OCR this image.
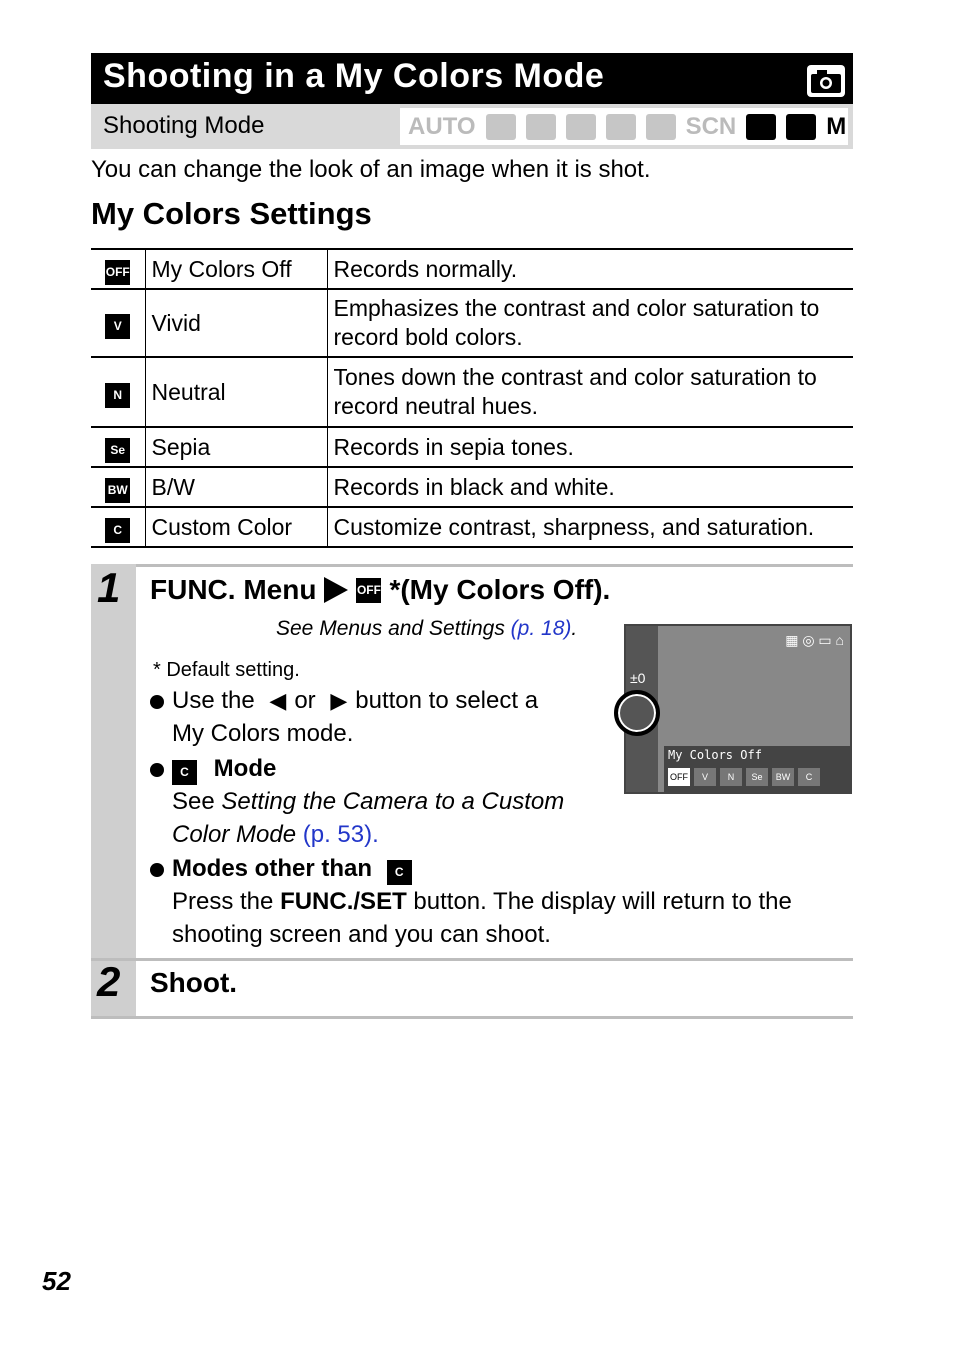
Shooting in a My Colors Mode
Shooting Mode	AUTO	SCN	M
You can change the look of an image when it is shot.
My Colors Settings
OFF	My Colors Off	Records normally.
V	Vivid	Emphasizes the contrast and color saturation to record bold colors.
N	Neutral	Tones down the contrast and color saturation to record neutral hues.
Se	Sepia	Records in sepia tones.
BW	B/W	Records in black and white.
C	Custom Color	Customize contrast, sharpness, and saturation.
1 FUNC. Menu	OFF *(My Colors Off).
See Menus and Settings (p. 18).
* Default setting.
Use the ◀ or ▶ button to select a
My Colors mode.
C Mode
See Setting the Camera to a Custom
Color Mode (p. 53).
Modes other than C
Press the FUNC./SET button. The display will return to the
shooting screen and you can shoot.
±0
▦ ◎ ▭ ⌂
My Colors Off
OFF	V	N	Se	BW	C
2 Shoot.
52
